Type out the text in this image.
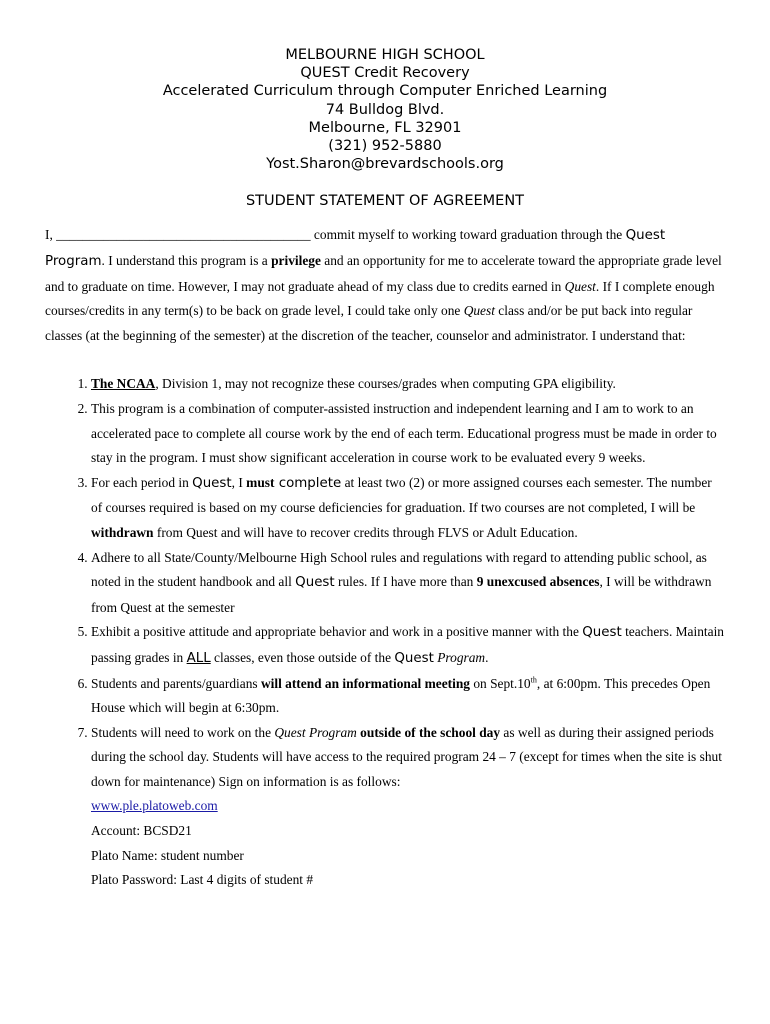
MELBOURNE HIGH SCHOOL
QUEST Credit Recovery
Accelerated Curriculum through Computer Enriched Learning
74 Bulldog Blvd.
Melbourne, FL 32901
(321) 952-5880
Yost.Sharon@brevardschools.org
STUDENT STATEMENT OF AGREEMENT

I, ______________________________________ commit myself to working toward graduation through the Quest Program. I understand this program is a privilege and an opportunity for me to accelerate toward the appropriate grade level and to graduate on time. However, I may not graduate ahead of my class due to credits earned in Quest. If I complete enough courses/credits in any term(s) to be back on grade level, I could take only one Quest class and/or be put back into regular classes (at the beginning of the semester) at the discretion of the teacher, counselor and administrator. I understand that:

1. The NCAA, Division 1, may not recognize these courses/grades when computing GPA eligibility.
2. This program is a combination of computer-assisted instruction and independent learning and I am to work to an accelerated pace to complete all course work by the end of each term. Educational progress must be made in order to stay in the program. I must show significant acceleration in course work to be evaluated every 9 weeks.
3. For each period in Quest, I must complete at least two (2) or more assigned courses each semester. The number of courses required is based on my course deficiencies for graduation. If two courses are not completed, I will be withdrawn from Quest and will have to recover credits through FLVS or Adult Education.
4. Adhere to all State/County/Melbourne High School rules and regulations with regard to attending public school, as noted in the student handbook and all Quest rules. If I have more than 9 unexcused absences, I will be withdrawn from Quest at the semester
5. Exhibit a positive attitude and appropriate behavior and work in a positive manner with the Quest teachers. Maintain passing grades in ALL classes, even those outside of the Quest Program.
6. Students and parents/guardians will attend an informational meeting on Sept.10th, at 6:00pm. This precedes Open House which will begin at 6:30pm.
7. Students will need to work on the Quest Program outside of the school day as well as during their assigned periods during the school day. Students will have access to the required program 24 – 7 (except for times when the site is shut down for maintenance) Sign on information is as follows:
www.ple.platoweb.com
Account: BCSD21
Plato Name: student number
Plato Password: Last 4 digits of student #
